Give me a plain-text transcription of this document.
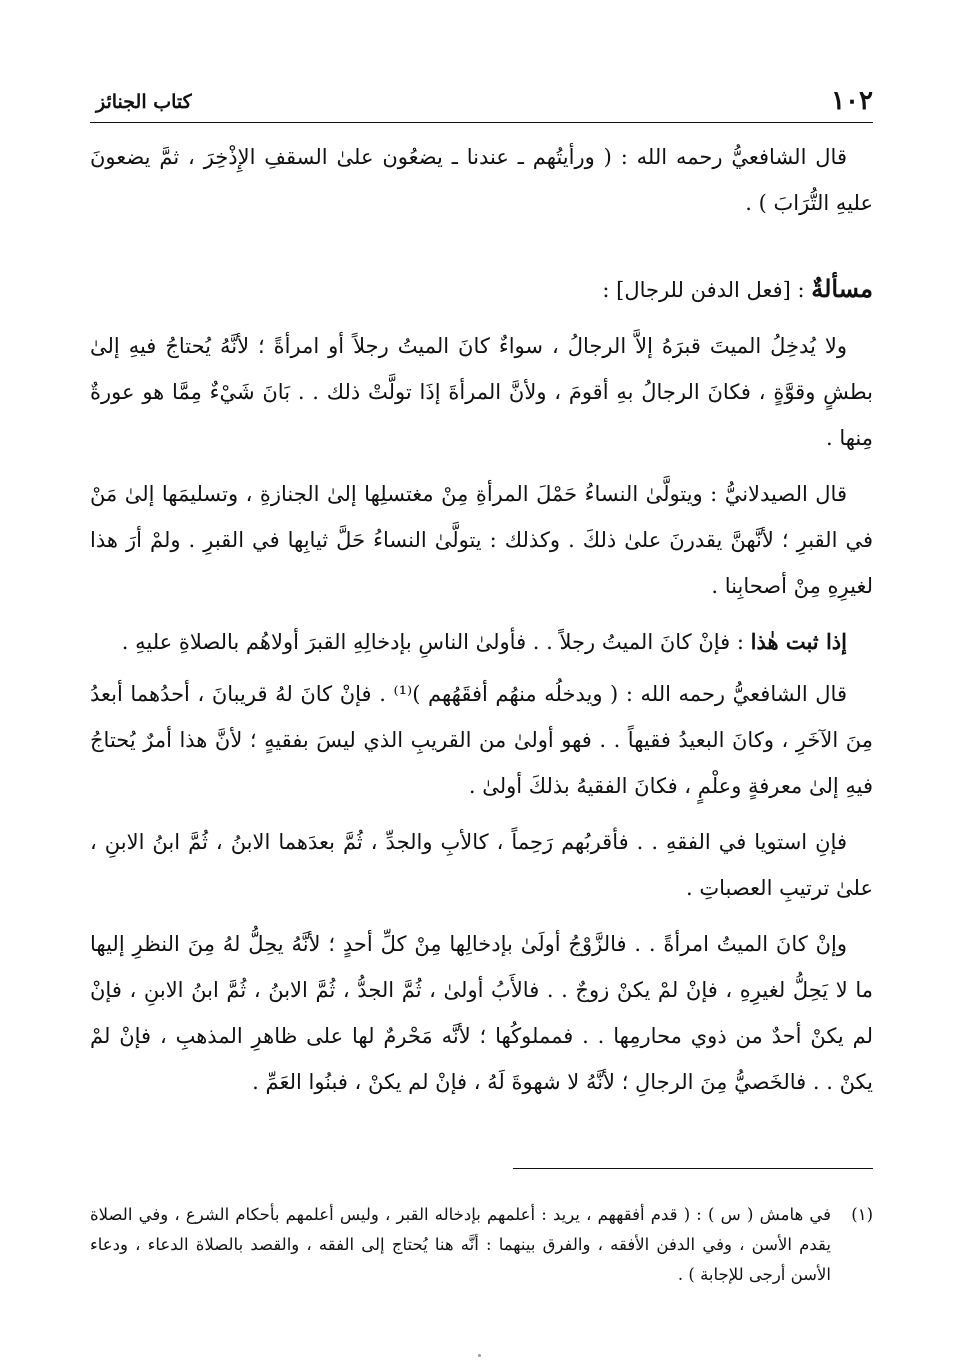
١٠٢

كتاب الجنائز

قال الشافعيُّ رحمه الله : ( ورأيتُهم ـ عندنا ـ يضعُون علىٰ السقفِ الإِذْخِرَ ، ثمَّ يضعونَ عليهِ التُّرَابَ ) .

مسألةٌ : [فعل الدفن للرجال] :

ولا يُدخِلُ الميتَ قبرَهُ إلاَّ الرجالُ ، سواءٌ كانَ الميتُ رجلاً أو امرأةً ؛ لأنَّهُ يُحتاجُ فيهِ إلىٰ بطشٍ وقوَّةٍ ، فكانَ الرجالُ بهِ أقومَ ، ولأنَّ المرأةَ إذَا تولَّتْ ذلك . . بَانَ شَيْءٌ مِمَّا هو عورةٌ مِنها .

قال الصيدلانيُّ : ويتولَّىٰ النساءُ حَمْلَ المرأةِ مِنْ مغتسلِها إلىٰ الجنازةِ ، وتسليمَها إلىٰ مَنْ في القبرِ ؛ لأنَّهنَّ يقدرنَ علىٰ ذلكَ . وكذلك : يتولَّىٰ النساءُ حَلَّ ثيابِها في القبرِ . ولمْ أرَ هذا لغيرِهِ مِنْ أصحابِنا .

إذا ثبت هٰذا : فإنْ كانَ الميتُ رجلاً . . فأولىٰ الناسِ بإدخالِهِ القبرَ أولاهُم بالصلاةِ عليهِ .

قال الشافعيُّ رحمه الله : ( ويدخلُه منهُم أفقَهُهم )⁽¹⁾ . فإنْ كانَ لهُ قريبانَ ، أحدُهما أبعدُ مِنَ الآخَرِ ، وكانَ البعيدُ فقيهاً . . فهو أولىٰ من القريبِ الذي ليسَ بفقيهٍ ؛ لأنَّ هذا أمرٌ يُحتاجُ فيهِ إلىٰ معرفةٍ وعلْمٍ ، فكانَ الفقيهُ بذلكَ أولىٰ .

فإنِ استويا في الفقهِ . . فأقربُهم رَحِماً ، كالأبِ والجدِّ ، ثُمَّ بعدَهما الابنُ ، ثُمَّ ابنُ الابنِ ، علىٰ ترتيبِ العصباتِ .

وإنْ كانَ الميتُ امرأةً . . فالزَّوْجُ أولَىٰ بإدخالِها مِنْ كلِّ أحدٍ ؛ لأنَّهُ يحِلُّ لهُ مِنَ النظرِ إليها ما لا يَحِلُّ لغيرِهِ ، فإنْ لمْ يكنْ زوجٌ . . فالأَبُ أولىٰ ، ثُمَّ الجدُّ ، ثُمَّ الابنُ ، ثُمَّ ابنُ الابنِ ، فإنْ لم يكنْ أحدٌ من ذوي محارمِها . . فمملوكُها ؛ لأنَّه مَحْرمٌ لها على ظاهرِ المذهبِ ، فإنْ لمْ يكنْ . . فالخَصيُّ مِنَ الرجالِ ؛ لأنَّهُ لا شهوةَ لَهُ ، فإنْ لم يكنْ ، فبنُوا العَمِّ .

(١)
في هامش ( س ) : ( قدم أفقههم ، يريد : أعلمهم بإدخاله القبر ، وليس أعلمهم بأحكام الشرع ، وفي الصلاة يقدم الأسن ، وفي الدفن الأفقه ، والفرق بينهما : أنَّه هنا يُحتاج إلى الفقه ، والقصد بالصلاة الدعاء ، ودعاء الأسن أرجى للإجابة ) .
